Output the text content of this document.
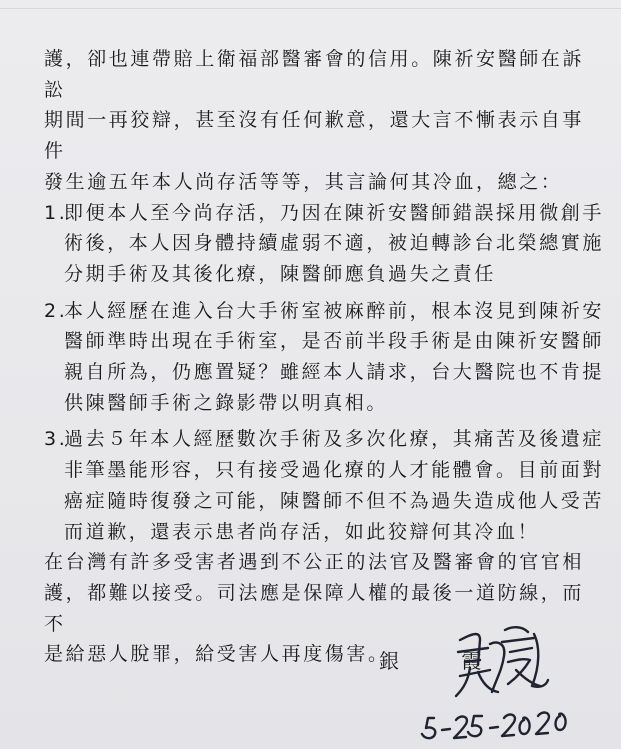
護，卻也連帶賠上衛福部醫審會的信用。陳祈安醫師在訴訟

期間一再狡辯，甚至沒有任何歉意，還大言不慚表示自事件

發生逾五年本人尚存活等等，其言論何其冷血，總之：

1.
即便本人至今尚存活，乃因在陳祈安醫師錯誤採用微創手
術後，本人因身體持續虛弱不適，被迫轉診台北榮總實施
分期手術及其後化療，陳醫師應負過失之責任
2.
本人經歷在進入台大手術室被麻醉前，根本沒見到陳祈安
醫師準時出現在手術室，是否前半段手術是由陳祈安醫師
親自所為，仍應置疑？雖經本人請求，台大醫院也不肯提
供陳醫師手術之錄影帶以明真相。
3.
過去５年本人經歷數次手術及多次化療，其痛苦及後遺症
非筆墨能形容，只有接受過化療的人才能體會。目前面對
癌症隨時復發之可能，陳醫師不但不為過失造成他人受苦
而道歉，還表示患者尚存活，如此狡辯何其冷血！

在台灣有許多受害者遇到不公正的法官及醫審會的官官相

護，都難以接受。司法應是保障人權的最後一道防線，而不

是給惡人脫罪，給受害人再度傷害。

銀 霞
